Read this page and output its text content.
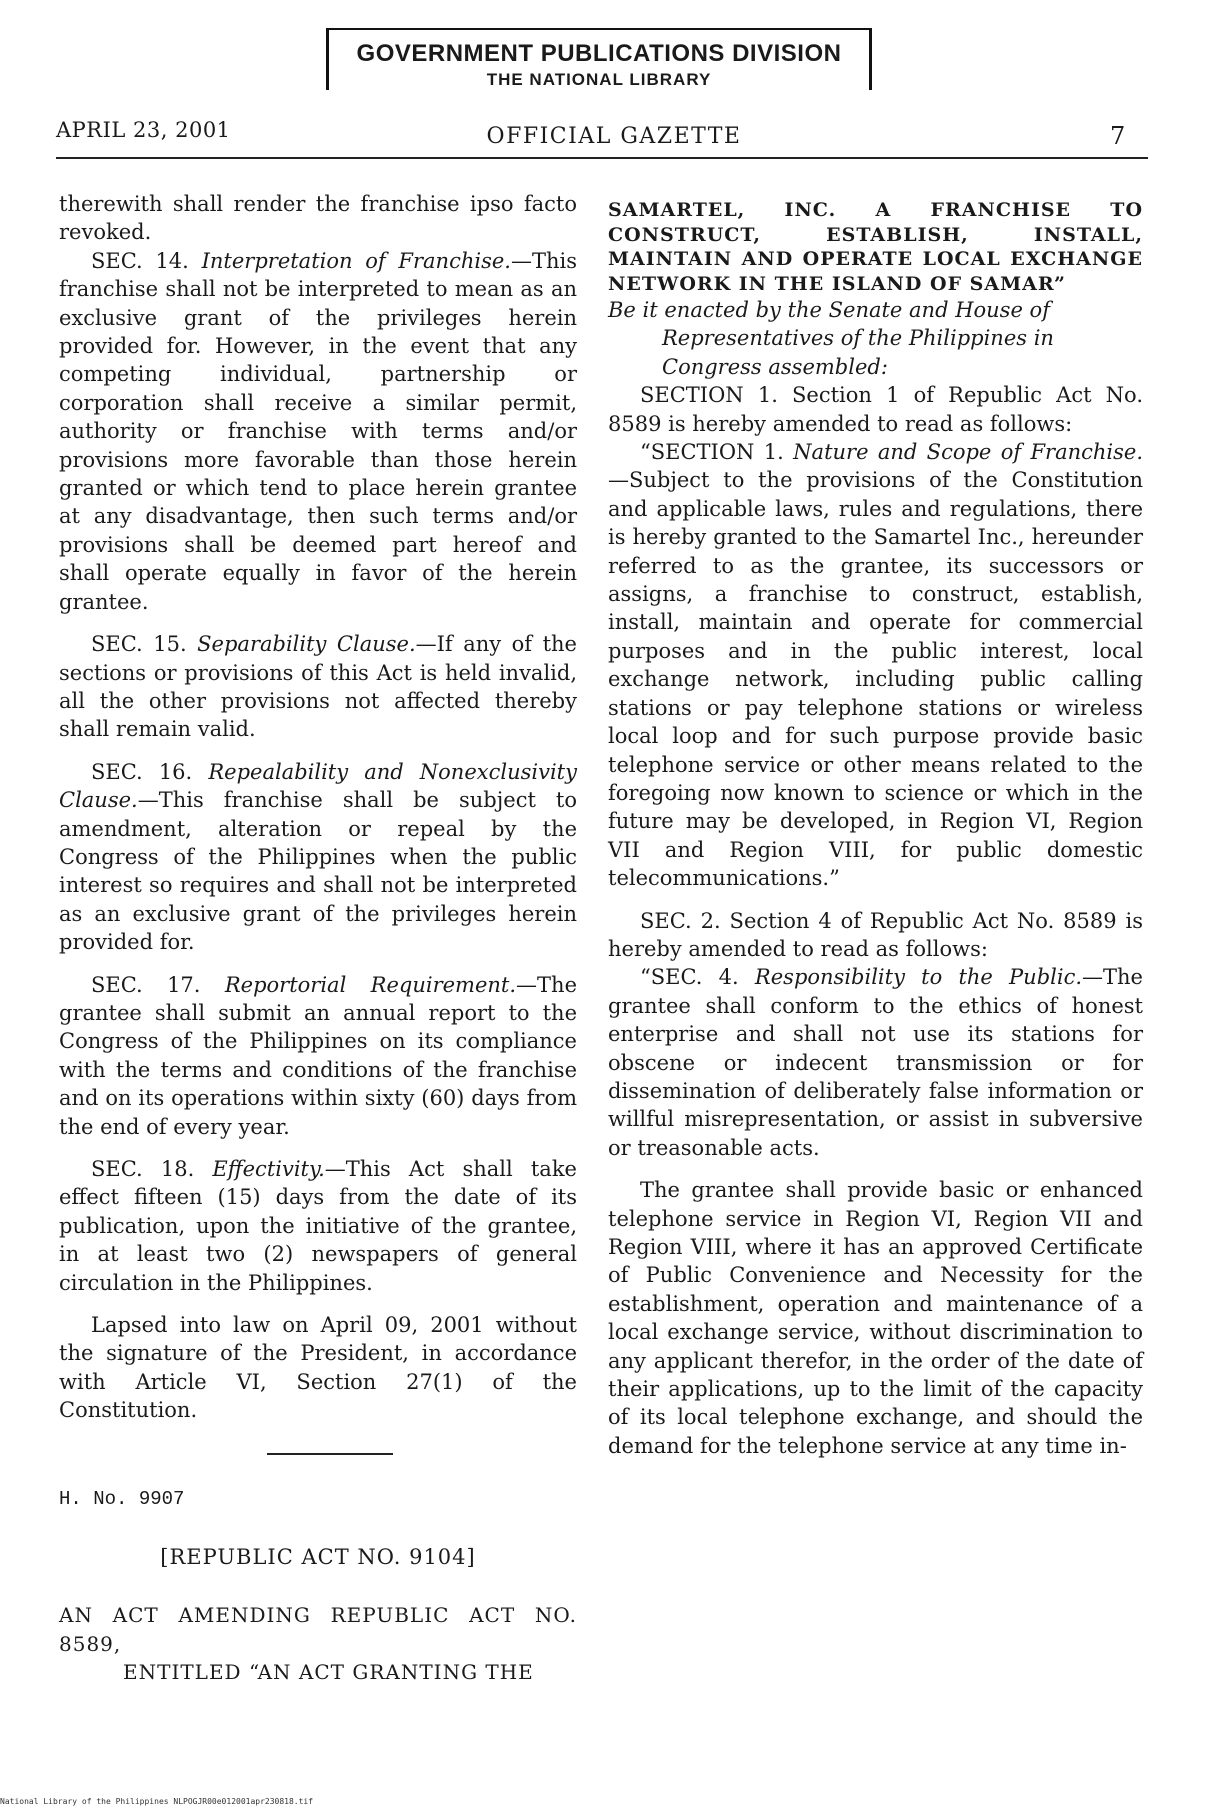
GOVERNMENT PUBLICATIONS DIVISION
THE NATIONAL LIBRARY
APRIL 23, 2001	OFFICIAL GAZETTE	7

therewith shall render the franchise ipso facto revoked.

SEC. 14. Interpretation of Franchise.—This franchise shall not be interpreted to mean as an exclusive grant of the privileges herein provided for. However, in the event that any competing individual, partnership or corporation shall receive a similar permit, authority or franchise with terms and/or provisions more favorable than those herein granted or which tend to place herein grantee at any disadvantage, then such terms and/or provisions shall be deemed part hereof and shall operate equally in favor of the herein grantee.

SEC. 15. Separability Clause.—If any of the sections or provisions of this Act is held invalid, all the other provisions not affected thereby shall remain valid.

SEC. 16. Repealability and Nonexclusivity Clause.—This franchise shall be subject to amendment, alteration or repeal by the Congress of the Philippines when the public interest so requires and shall not be interpreted as an exclusive grant of the privileges herein provided for.

SEC. 17. Reportorial Requirement.—The grantee shall submit an annual report to the Congress of the Philippines on its compliance with the terms and conditions of the franchise and on its operations within sixty (60) days from the end of every year.

SEC. 18. Effectivity.—This Act shall take effect fifteen (15) days from the date of its publication, upon the initiative of the grantee, in at least two (2) newspapers of general circulation in the Philippines.

Lapsed into law on April 09, 2001 without the signature of the President, in accordance with Article VI, Section 27(1) of the Constitution.

H. No. 9907

[REPUBLIC ACT NO. 9104]

AN ACT AMENDING REPUBLIC ACT NO. 8589,
ENTITLED “AN ACT GRANTING THE

SAMARTEL, INC. A FRANCHISE TO CONSTRUCT, ESTABLISH, INSTALL, MAINTAIN AND OPERATE LOCAL EXCHANGE NETWORK IN THE ISLAND OF SAMAR”

Be it enacted by the Senate and House of
Representatives of the Philippines in
Congress assembled:

SECTION 1. Section 1 of Republic Act No. 8589 is hereby amended to read as follows:

“SECTION 1. Nature and Scope of Franchise.—Subject to the provisions of the Constitution and applicable laws, rules and regulations, there is hereby granted to the Samartel Inc., hereunder referred to as the grantee, its successors or assigns, a franchise to construct, establish, install, maintain and operate for commercial purposes and in the public interest, local exchange network, including public calling stations or pay telephone stations or wireless local loop and for such purpose provide basic telephone service or other means related to the foregoing now known to science or which in the future may be developed, in Region VI, Region VII and Region VIII, for public domestic telecommunications.”

SEC. 2. Section 4 of Republic Act No. 8589 is hereby amended to read as follows:

“SEC. 4. Responsibility to the Public.—The grantee shall conform to the ethics of honest enterprise and shall not use its stations for obscene or indecent transmission or for dissemination of deliberately false information or willful misrepresentation, or assist in subversive or treasonable acts.

The grantee shall provide basic or enhanced telephone service in Region VI, Region VII and Region VIII, where it has an approved Certificate of Public Convenience and Necessity for the establishment, operation and maintenance of a local exchange service, without discrimination to any applicant therefor, in the order of the date of their applications, up to the limit of the capacity of its local telephone exchange, and should the demand for the telephone service at any time in-

National Library of the Philippines NLPOGJR00e012001apr230818.tif
